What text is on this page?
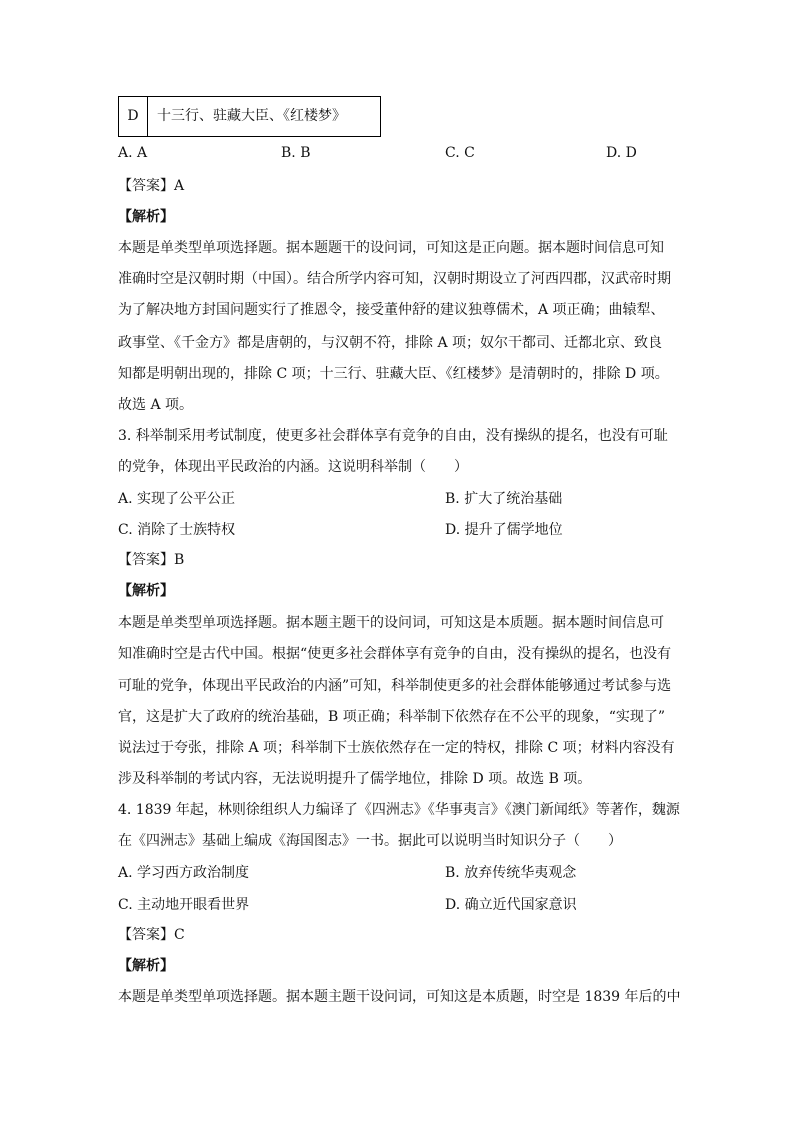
D	十三行、驻藏大臣、《红楼梦》
A. A	B. B	C. C	D. D
【答案】A
【解析】
本题是单类型单项选择题。据本题题干的设问词，可知这是正向题。据本题时间信息可知
准确时空是汉朝时期（中国）。结合所学内容可知，汉朝时期设立了河西四郡，汉武帝时期
为了解决地方封国问题实行了推恩令，接受董仲舒的建议独尊儒术，A 项正确；曲辕犁、
政事堂、《千金方》都是唐朝的，与汉朝不符，排除 A 项；奴尔干都司、迁都北京、致良
知都是明朝出现的，排除 C 项；十三行、驻藏大臣、《红楼梦》是清朝时的，排除 D 项。
故选 A 项。
3. 科举制采用考试制度，使更多社会群体享有竞争的自由，没有操纵的提名，也没有可耻
的党争，体现出平民政治的内涵。这说明科举制（　　）
A. 实现了公平公正	B. 扩大了统治基础
C. 消除了士族特权	D. 提升了儒学地位
【答案】B
【解析】
本题是单类型单项选择题。据本题主题干的设问词，可知这是本质题。据本题时间信息可
知准确时空是古代中国。根据“使更多社会群体享有竞争的自由，没有操纵的提名，也没有
可耻的党争，体现出平民政治的内涵”可知，科举制使更多的社会群体能够通过考试参与选
官，这是扩大了政府的统治基础，B 项正确；科举制下依然存在不公平的现象，“实现了”
说法过于夸张，排除 A 项；科举制下士族依然存在一定的特权，排除 C 项；材料内容没有
涉及科举制的考试内容，无法说明提升了儒学地位，排除 D 项。故选 B 项。
4. 1839 年起，林则徐组织人力编译了《四洲志》《华事夷言》《澳门新闻纸》等著作，魏源
在《四洲志》基础上编成《海国图志》一书。据此可以说明当时知识分子（　　）
A. 学习西方政治制度	B. 放弃传统华夷观念
C. 主动地开眼看世界	D. 确立近代国家意识
【答案】C
【解析】
本题是单类型单项选择题。据本题主题干设问词，可知这是本质题，时空是 1839 年后的中
